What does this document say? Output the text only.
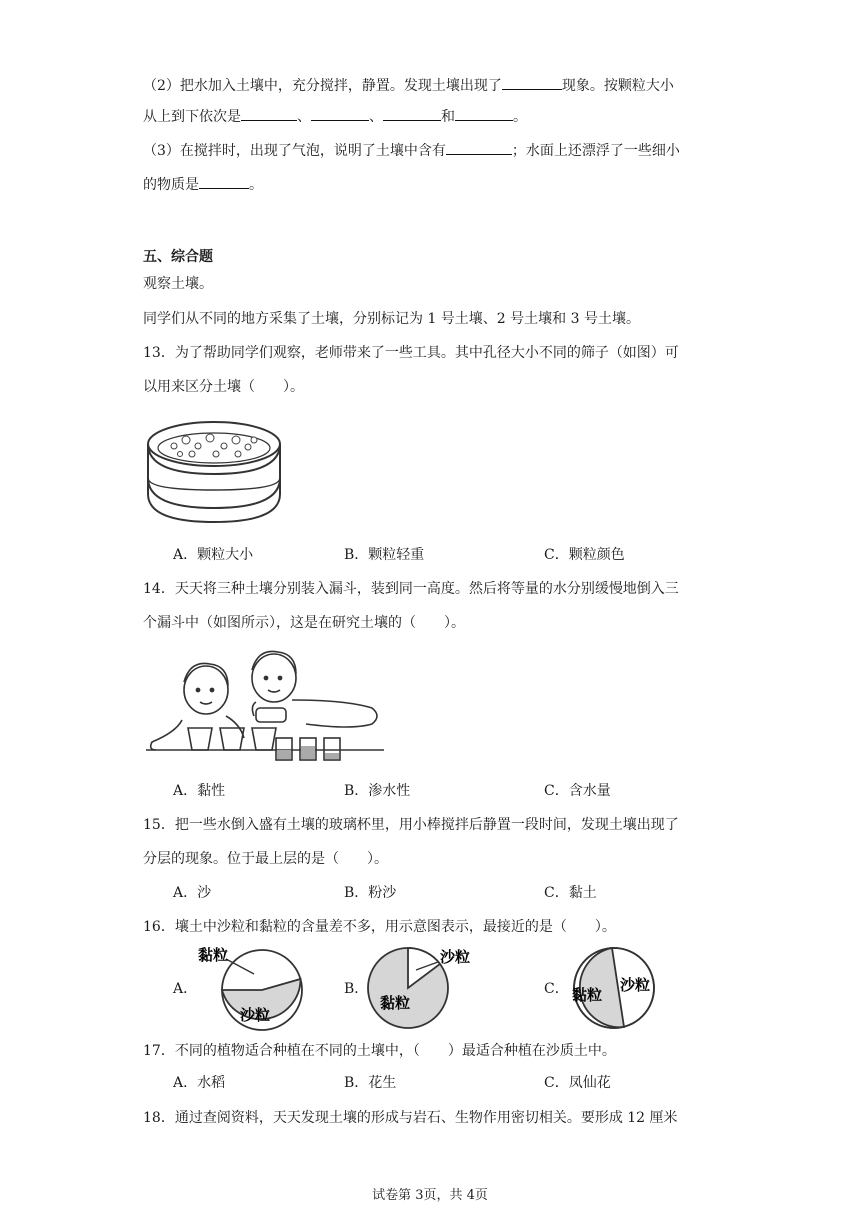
（2）把水加入土壤中，充分搅拌，静置。发现土壤出现了	现象。按颗粒大小
从上到下依次是	、	、	和	。
（3）在搅拌时，出现了气泡，说明了土壤中含有	；水面上还漂浮了一些细小
的物质是	。
五、综合题
观察土壤。
同学们从不同的地方采集了土壤，分别标记为 1 号土壤、2 号土壤和 3 号土壤。
13．为了帮助同学们观察，老师带来了一些工具。其中孔径大小不同的筛子（如图）可
以用来区分土壤（　　）。
A．颗粒大小	B．颗粒轻重	C．颗粒颜色
14．天天将三种土壤分别装入漏斗，装到同一高度。然后将等量的水分别缓慢地倒入三
个漏斗中（如图所示），这是在研究土壤的（　　）。
A．黏性	B．渗水性	C．含水量
15．把一些水倒入盛有土壤的玻璃杯里，用小棒搅拌后静置一段时间，发现土壤出现了
分层的现象。位于最上层的是（　　）。
A．沙	B．粉沙	C．黏土
16．壤土中沙粒和黏粒的含量差不多，用示意图表示，最接近的是（　　）。
A．
黏粒
沙粒
B．
沙粒
黏粒
C． 黏粒
沙粒
17．不同的植物适合种植在不同的土壤中，（　　）最适合种植在沙质土中。
A．水稻	B．花生	C．凤仙花
18．通过查阅资料，天天发现土壤的形成与岩石、生物作用密切相关。要形成 12 厘米
试卷第 3页，共 4页
